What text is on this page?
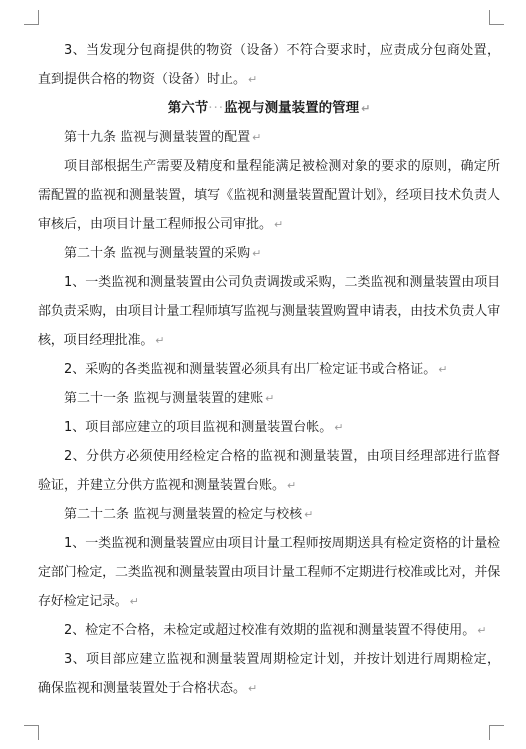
3、当发现分包商提供的物资（设备）不符合要求时，应责成分包商处置，直到提供合格的物资（设备）时止。 ↵

第六节···监视与测量装置的管理 ↵

第十九条 监视与测量装置的配置 ↵

项目部根据生产需要及精度和量程能满足被检测对象的要求的原则，确定所需配置的监视和测量装置，填写《监视和测量装置配置计划》，经项目技术负责人审核后，由项目计量工程师报公司审批。 ↵

第二十条 监视与测量装置的采购 ↵

1、一类监视和测量装置由公司负责调拨或采购，二类监视和测量装置由项目部负责采购，由项目计量工程师填写监视与测量装置购置申请表，由技术负责人审核，项目经理批准。 ↵

2、采购的各类监视和测量装置必须具有出厂检定证书或合格证。 ↵

第二十一条 监视与测量装置的建账 ↵

1、项目部应建立的项目监视和测量装置台帐。 ↵

2、分供方必须使用经检定合格的监视和测量装置，由项目经理部进行监督验证，并建立分供方监视和测量装置台账。 ↵

第二十二条 监视与测量装置的检定与校核 ↵

1、一类监视和测量装置应由项目计量工程师按周期送具有检定资格的计量检定部门检定，二类监视和测量装置由项目计量工程师不定期进行校准或比对，并保存好检定记录。 ↵

2、检定不合格，未检定或超过校准有效期的监视和测量装置不得使用。 ↵

3、项目部应建立监视和测量装置周期检定计划，并按计划进行周期检定，确保监视和测量装置处于合格状态。 ↵
